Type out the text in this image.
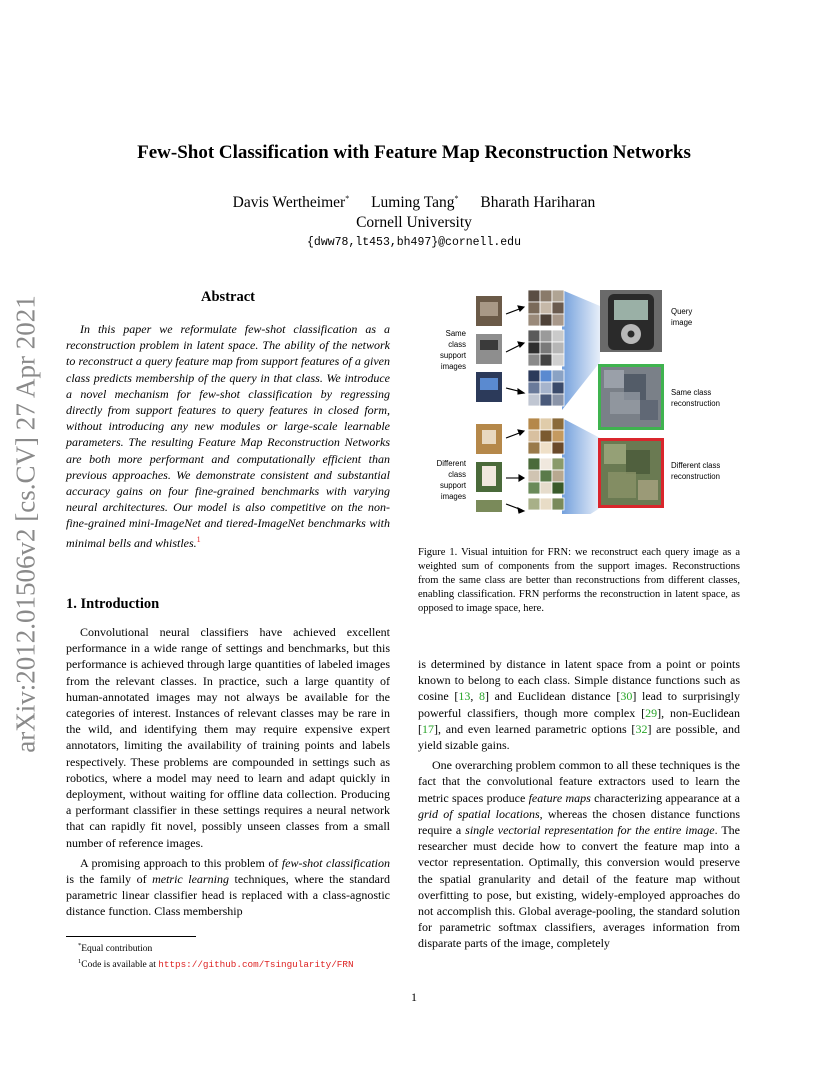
arXiv:2012.01506v2 [cs.CV] 27 Apr 2021
Few-Shot Classification with Feature Map Reconstruction Networks
Davis Wertheimer* Luming Tang* Bharath Hariharan
Cornell University
{dww78,lt453,bh497}@cornell.edu
Abstract
In this paper we reformulate few-shot classification as a reconstruction problem in latent space. The ability of the network to reconstruct a query feature map from support features of a given class predicts membership of the query in that class. We introduce a novel mechanism for few-shot classification by regressing directly from support features to query features in closed form, without introducing any new modules or large-scale learnable parameters. The resulting Feature Map Reconstruction Networks are both more performant and computationally efficient than previous approaches. We demonstrate consistent and substantial accuracy gains on four fine-grained benchmarks with varying neural architectures. Our model is also competitive on the non-fine-grained mini-ImageNet and tiered-ImageNet benchmarks with minimal bells and whistles.$^1$
1. Introduction

Convolutional neural classifiers have achieved excellent performance in a wide range of settings and benchmarks, but this performance is achieved through large quantities of labeled images from the relevant classes. In practice, such a large quantity of human-annotated images may not always be available for the categories of interest. Instances of relevant classes may be rare in the wild, and identifying them may require expensive expert annotators, limiting the availability of training points and labels respectively. These problems are compounded in settings such as robotics, where a model may need to learn and adapt quickly in deployment, without waiting for offline data collection. Producing a performant classifier in these settings requires a neural network that can rapidly fit novel, possibly unseen classes from a small number of reference images.

A promising approach to this problem of few-shot classification is the family of metric learning techniques, where the standard parametric linear classifier head is replaced with a class-agnostic distance function. Class membership

*Equal contribution
$^1$Code is available at https://github.com/Tsingularity/FRN
Same
class
support
images
Different
class
support
images
Query
image
Same class
reconstruction
Different class
reconstruction
Figure 1. Visual intuition for FRN: we reconstruct each query image as a weighted sum of components from the support images. Reconstructions from the same class are better than reconstructions from different classes, enabling classification. FRN performs the reconstruction in latent space, as opposed to image space, here.

is determined by distance in latent space from a point or points known to belong to each class. Simple distance functions such as cosine [13, 8] and Euclidean distance [30] lead to surprisingly powerful classifiers, though more complex [29], non-Euclidean [17], and even learned parametric options [32] are possible, and yield sizable gains.

One overarching problem common to all these techniques is the fact that the convolutional feature extractors used to learn the metric spaces produce feature maps characterizing appearance at a grid of spatial locations, whereas the chosen distance functions require a single vectorial representation for the entire image. The researcher must decide how to convert the feature map into a vector representation. Optimally, this conversion would preserve the spatial granularity and detail of the feature map without overfitting to pose, but existing, widely-employed approaches do not accomplish this. Global average-pooling, the standard solution for parametric softmax classifiers, averages information from disparate parts of the image, completely

1
